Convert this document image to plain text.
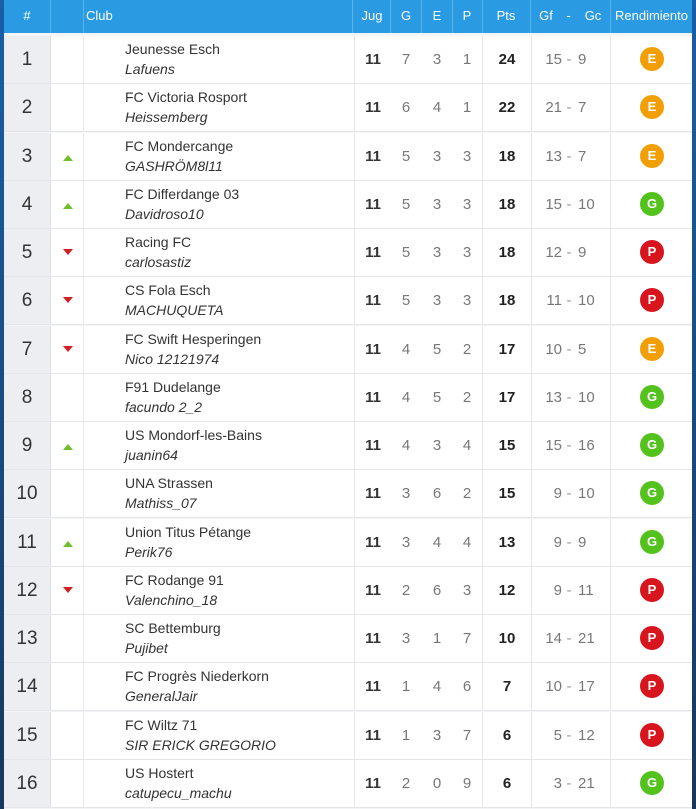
#	Club	Jug	G	E	P	Pts	Gf	-	Gc	Rendimiento
1	Jeunesse Esch
Lafuens
11	7	3	1	24	15 - 9	E
2	FC Victoria Rosport
Heissemberg
11	6	4	1	22	21 - 7	E
3	FC Mondercange
GASHRÖM8l11
11	5	3	3	18	13 - 7	E
4	FC Differdange 03
Davidroso10
11	5	3	3	18	15 - 10	G
5	Racing FC
carlosastiz
11	5	3	3	18	12 - 9	P
6	CS Fola Esch
MACHUQUETA
11	5	3	3	18	11 - 10	P
7	FC Swift Hesperingen
Nico 12121974
11	4	5	2	17	10 - 5	E
8	F91 Dudelange
facundo 2_2
11	4	5	2	17	13 - 10	G
9	US Mondorf-les-Bains
juanin64
11	4	3	4	15	15 - 16	G
10	UNA Strassen
Mathiss_07
11	3	6	2	15	9 - 10	G
11	Union Titus Pétange
Perik76
11	3	4	4	13	9 - 9	G
12	FC Rodange 91
Valenchino_18
11	2	6	3	12	9 - 11	P
13	SC Bettemburg
Pujibet
11	3	1	7	10	14 - 21	P
14	FC Progrès Niederkorn
GeneralJair
11	1	4	6	7	10 - 17	P
15	FC Wiltz 71
SIR ERICK GREGORIO
11	1	3	7	6	5 - 12	P
16	US Hostert
catupecu_machu
11	2	0	9	6	3 - 21	G
